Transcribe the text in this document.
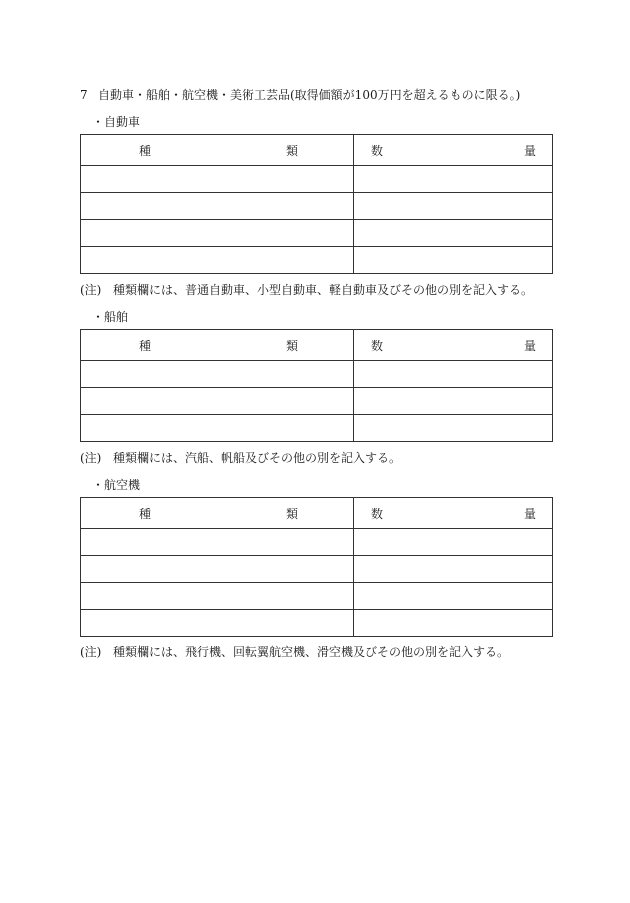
7 自動車・船舶・航空機・美術工芸品(取得価額が100万円を超えるものに限る。)
・自動車
種 類	数 量

(注) 種類欄には、普通自動車、小型自動車、軽自動車及びその他の別を記入する。
・船舶
種 類	数 量

(注) 種類欄には、汽船、帆船及びその他の別を記入する。
・航空機
種 類	数 量

(注) 種類欄には、飛行機、回転翼航空機、滑空機及びその他の別を記入する。
